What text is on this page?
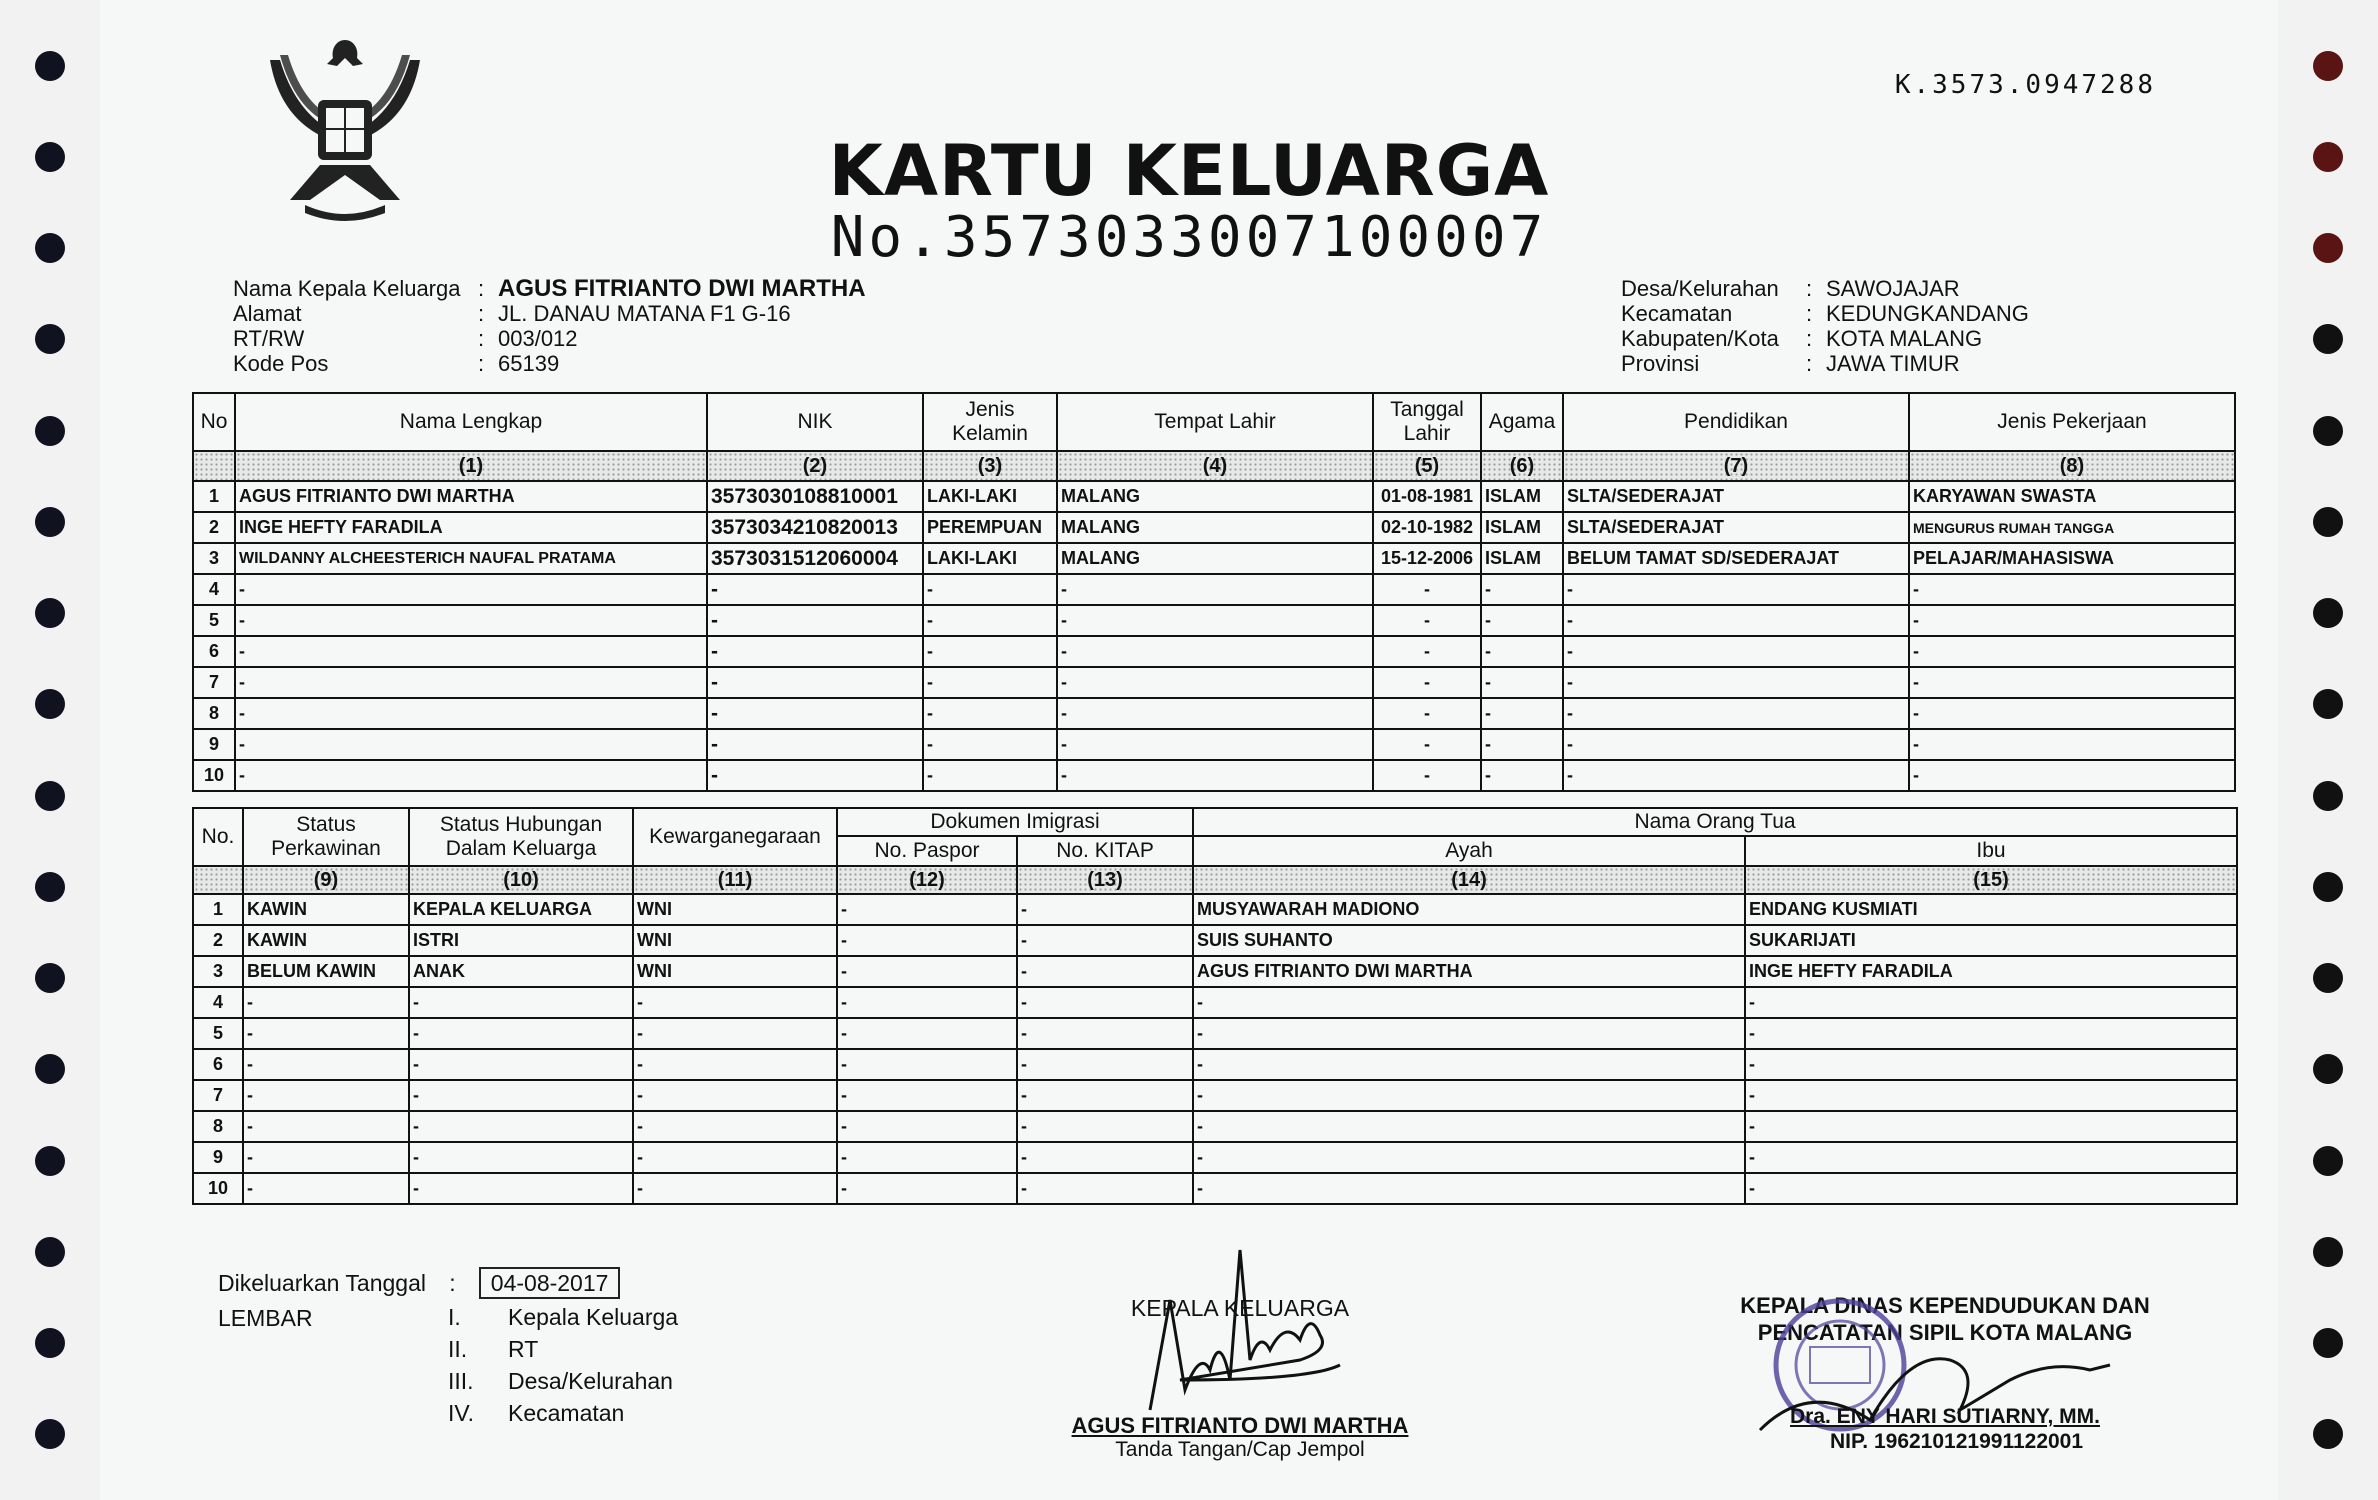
K.3573.0947288
KARTU KELUARGA
No.3573033007100007
Nama Kepala Keluarga : AGUS FITRIANTO DWI MARTHA
Alamat	: JL. DANAU MATANA F1 G-16
RT/RW	: 003/012
Kode Pos	: 65139
Desa/Kelurahan	: SAWOJAJAR
Kecamatan	: KEDUNGKANDANG
Kabupaten/Kota	: KOTA MALANG
Provinsi	: JAWA TIMUR
No	Nama Lengkap	NIK	Jenis Kelamin	Tempat Lahir	Tanggal Lahir	Agama	Pendidikan	Jenis Pekerjaan
	(1)	(2)	(3)	(4)	(5)	(6)	(7)	(8)
1	AGUS FITRIANTO DWI MARTHA	3573030108810001	LAKI-LAKI	MALANG	01-08-1981	ISLAM	SLTA/SEDERAJAT	KARYAWAN SWASTA
2	INGE HEFTY FARADILA	3573034210820013	PEREMPUAN	MALANG	02-10-1982	ISLAM	SLTA/SEDERAJAT	MENGURUS RUMAH TANGGA
3	WILDANNY ALCHEESTERICH NAUFAL PRATAMA	3573031512060004	LAKI-LAKI	MALANG	15-12-2006	ISLAM	BELUM TAMAT SD/SEDERAJAT	PELAJAR/MAHASISWA
4	-	-	-	-	-	-	-	-
5	-	-	-	-	-	-	-	-
6	-	-	-	-	-	-	-	-
7	-	-	-	-	-	-	-	-
8	-	-	-	-	-	-	-	-
9	-	-	-	-	-	-	-	-
10	-	-	-	-	-	-	-	-
No.	Status Perkawinan	Status Hubungan Dalam Keluarga	Kewarganegaraan	Dokumen Imigrasi		Nama Orang Tua	
				No. Paspor	No. KITAP	Ayah	Ibu
	(9)	(10)	(11)	(12)	(13)	(14)	(15)
1	KAWIN	KEPALA KELUARGA	WNI	-	-	MUSYAWARAH MADIONO	ENDANG KUSMIATI
2	KAWIN	ISTRI	WNI	-	-	SUIS SUHANTO	SUKARIJATI
3	BELUM KAWIN	ANAK	WNI	-	-	AGUS FITRIANTO DWI MARTHA	INGE HEFTY FARADILA
4	-	-	-	-	-	-	-
5	-	-	-	-	-	-	-
6	-	-	-	-	-	-	-
7	-	-	-	-	-	-	-
8	-	-	-	-	-	-	-
9	-	-	-	-	-	-	-
10	-	-	-	-	-	-	-
Dikeluarkan Tanggal : 04-08-2017
LEMBAR	I. Kepala Keluarga
II. RT
III. Desa/Kelurahan
IV. Kecamatan
KEPALA KELUARGA
AGUS FITRIANTO DWI MARTHA
Tanda Tangan/Cap Jempol
KEPALA DINAS KEPENDUDUKAN DAN
PENCATATAN SIPIL KOTA MALANG
Dra. ENY HARI SUTIARNY, MM.
NIP. 196210121991122001
